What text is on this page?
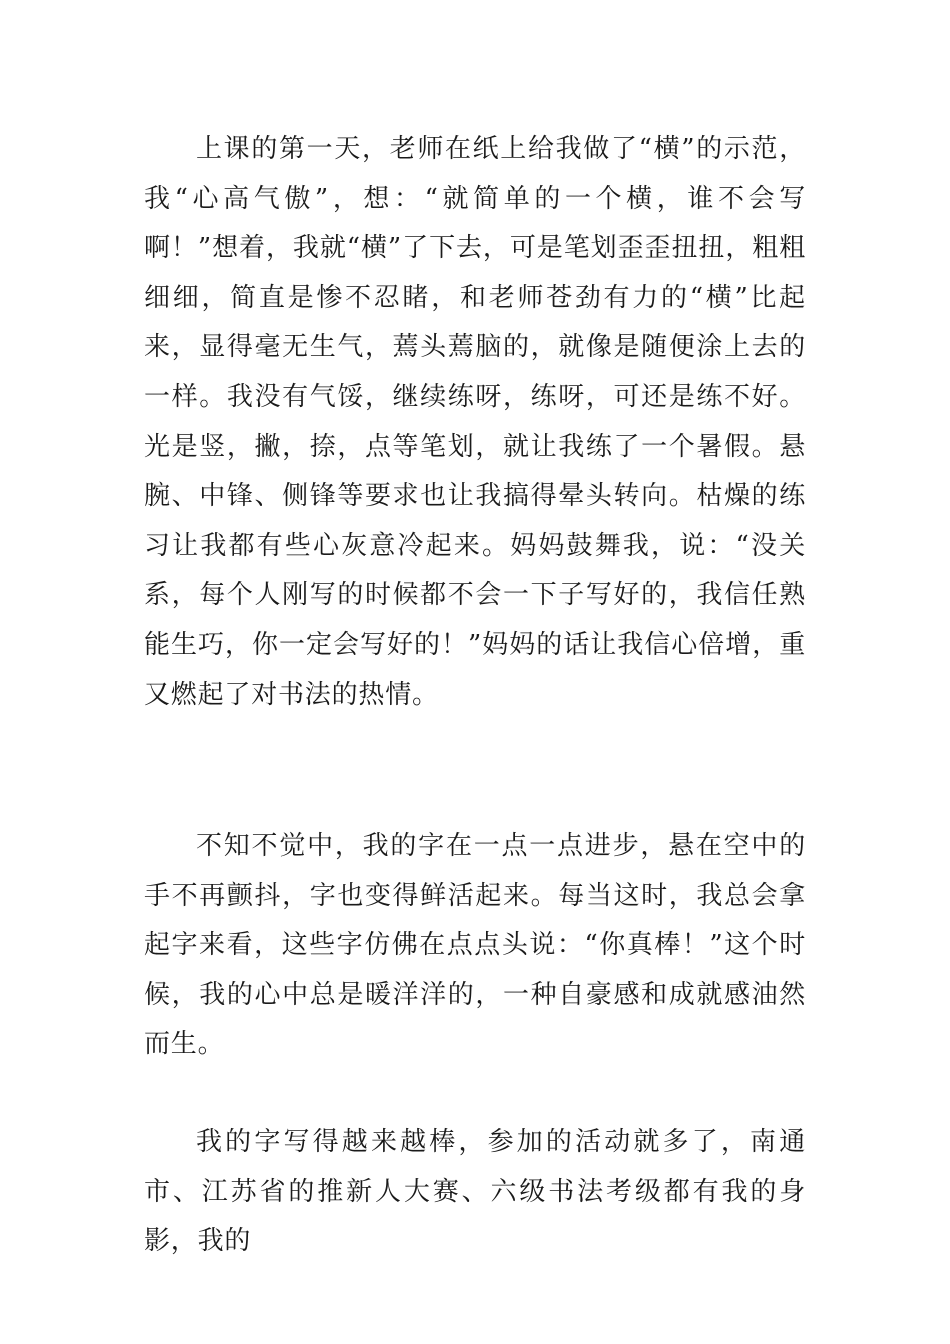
上课的第一天，老师在纸上给我做了“横”的示范，我“心高气傲”，想：“就简单的一个横，谁不会写啊！”想着，我就“横”了下去，可是笔划歪歪扭扭，粗粗细细，简直是惨不忍睹，和老师苍劲有力的“横”比起来，显得毫无生气，蔫头蔫脑的，就像是随便涂上去的一样。我没有气馁，继续练呀，练呀，可还是练不好。光是竖，撇，捺，点等笔划，就让我练了一个暑假。悬腕、中锋、侧锋等要求也让我搞得晕头转向。枯燥的练习让我都有些心灰意冷起来。妈妈鼓舞我，说：“没关系，每个人刚写的时候都不会一下子写好的，我信任熟能生巧，你一定会写好的！”妈妈的话让我信心倍增，重又燃起了对书法的热情。

不知不觉中，我的字在一点一点进步，悬在空中的手不再颤抖，字也变得鲜活起来。每当这时，我总会拿起字来看，这些字仿佛在点点头说：“你真棒！”这个时候，我的心中总是暖洋洋的，一种自豪感和成就感油然而生。

我的字写得越来越棒，参加的活动就多了，南通市、江苏省的推新人大赛、六级书法考级都有我的身影，我的
